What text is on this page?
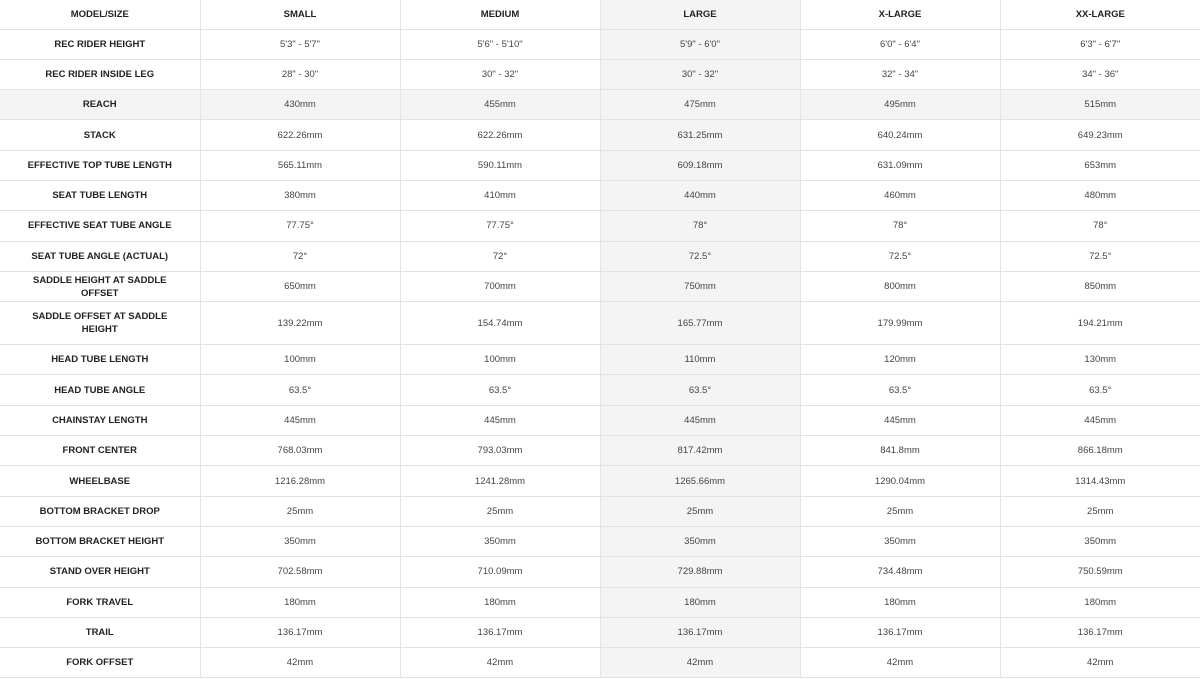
MODEL/SIZE	SMALL	MEDIUM	LARGE	X-LARGE	XX-LARGE
REC RIDER HEIGHT	5'3" - 5'7"	5'6" - 5'10"	5'9" - 6'0"	6'0" - 6'4"	6'3" - 6'7"
REC RIDER INSIDE LEG	28" - 30"	30" - 32"	30" - 32"	32" - 34"	34" - 36"
REACH	430mm	455mm	475mm	495mm	515mm
STACK	622.26mm	622.26mm	631.25mm	640.24mm	649.23mm
EFFECTIVE TOP TUBE LENGTH	565.11mm	590.11mm	609.18mm	631.09mm	653mm
SEAT TUBE LENGTH	380mm	410mm	440mm	460mm	480mm
EFFECTIVE SEAT TUBE ANGLE	77.75°	77.75°	78°	78°	78°
SEAT TUBE ANGLE (ACTUAL)	72°	72°	72.5°	72.5°	72.5°
SADDLE HEIGHT AT SADDLE OFFSET	650mm	700mm	750mm	800mm	850mm
SADDLE OFFSET AT SADDLE HEIGHT	139.22mm	154.74mm	165.77mm	179.99mm	194.21mm
HEAD TUBE LENGTH	100mm	100mm	110mm	120mm	130mm
HEAD TUBE ANGLE	63.5°	63.5°	63.5°	63.5°	63.5°
CHAINSTAY LENGTH	445mm	445mm	445mm	445mm	445mm
FRONT CENTER	768.03mm	793.03mm	817.42mm	841.8mm	866.18mm
WHEELBASE	1216.28mm	1241.28mm	1265.66mm	1290.04mm	1314.43mm
BOTTOM BRACKET DROP	25mm	25mm	25mm	25mm	25mm
BOTTOM BRACKET HEIGHT	350mm	350mm	350mm	350mm	350mm
STAND OVER HEIGHT	702.58mm	710.09mm	729.88mm	734.48mm	750.59mm
FORK TRAVEL	180mm	180mm	180mm	180mm	180mm
TRAIL	136.17mm	136.17mm	136.17mm	136.17mm	136.17mm
FORK OFFSET	42mm	42mm	42mm	42mm	42mm
